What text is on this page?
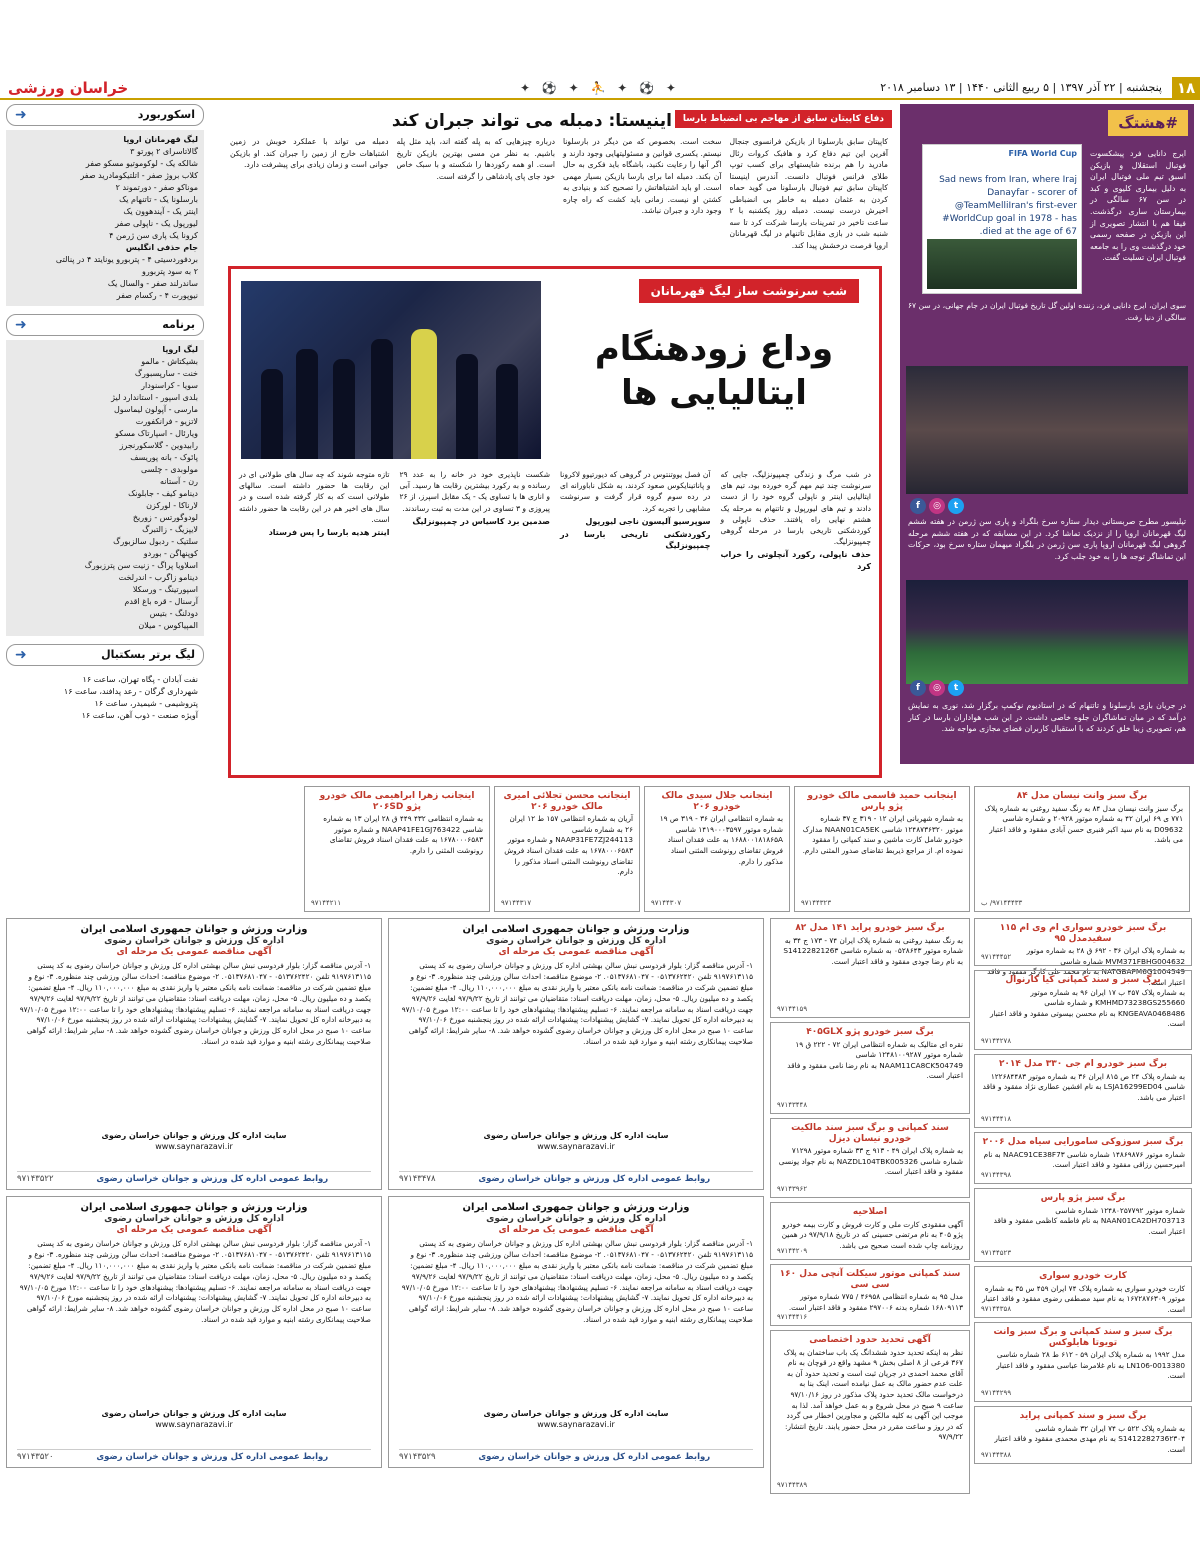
۱۸
پنجشنبه | ۲۲ آذر ۱۳۹۷ | ۵ ربیع الثانی ۱۴۴۰ | ۱۳ دسامبر ۲۰۱۸
✦ ⚽ ✦ ⛹ ✦ ⚽ ✦
خراسان ورزشی
اسکوربورد
➜
لیگ قهرمانان اروپا
گالاتاسرای ۲ پورتو ۳
شالکه یک - لوکوموتیو مسکو صفر
کلاب بروژ صفر - اتلتیکومادرید صفر
موناکو صفر - دورتموند ۲
بارسلونا یک - تاتنهام یک
اینتر یک - آیندهوون یک
لیورپول یک - ناپولی صفر
کرونا یک پاری سن ژرمن ۴
جام حذفی انگلیس
بردفوردسیتی ۴ - پتربورو یونایتد ۴ در پنالتی
۲ به سود پتربورو
ساندرلند صفر - والسال یک
نیوپورت ۴ - رکسام صفر
برنامه
➜
لیگ اروپا
بشیکتاش - مالمو
خنت - سارپسبورگ
سویا - کراسنودار
بلدی اسپور - استاندارد لیژ
مارسی - آپولون لیماسول
لاتزیو - فرانکفورت
ویارئال - اسپارتاک مسکو
رابیدوین - گلاسکورنجرز
پائوک - بانه پوریسف
مولوبدی - چلسی
رن - آستانه
دینامو کیف - جابلونک
لارناکا - لورکزن
لودوگورتس - زوریخ
لایپزیگ - زالتبرگ
سلتیک - ردبول سالزبورگ
کوپنهاگن - بوردو
اسلاویا پراگ - زنیت سن پترزبورگ
دینامو زاگرب - اندرلخت
اسپورتینگ - ورسکلا
آرسنال - قره باغ اقدم
دودلنگ - بتیس
المپیاکوس - میلان
لیگ برتر بسکتبال
➜
نفت آبادان - پگاه تهران، ساعت ۱۶
شهرداری گرگان - رعد پدافند، ساعت ۱۶
پتروشیمی - شیمیدر، ساعت ۱۶
آویژه صنعت - ذوب آهن، ساعت ۱۶
دفاع کاپیتان سابق از مهاجم بی انضباط بارسا
اینیستا: دمبله می تواند جبران کند
کاپیتان سابق بارسلونا از بازیکن فرانسوی جنجال آفرین این تیم دفاع کرد و هافبک کروات رئال مادرید را هم برنده شایستهای برای کسب توپ طلای فرانس فوتبال دانست. آندرس اینیستا کاپیتان سابق تیم فوتبال بارسلونا می گوید حماه کردن به عثمان دمبله به خاطر بی انضباطی اخیرش درست نیست. دمبله روز یکشنبه با ۲ ساعت تاخیر در تمرینات بارسا شرکت کرد تا سه شنبه شب در بازی مقابل تاتنهام در لیگ قهرمانان اروپا فرصت درخشش پیدا کند.
سخت است. بخصوص که من دیگر در بارسلونا نیستم. یکسری قوانین و مسئولیتهایی وجود دارند و اگر آنها را رعایت نکنید، باشگاه باید فکری به حال آن بکند. دمبله اما برای بارسا بازیکن بسیار مهمی است. او باید اشتباهاتش را تصحیح کند و بنیادی به کشتن او نیست. زمانی باید کشت که راه چاره وجود دارد و جبران نباشد.
درباره چیزهایی که به پله گفته اند، باید مثل پله باشیم. به نظر من مسی بهترین بازیکن تاریخ است. او همه رکوردها را شکسته و با سبک خاص خود جای پای پادشاهی را گرفته است.
دمبله می تواند با عملکرد خوبش در زمین اشتباهات خارج از زمین را جبران کند. او بازیکن جوانی است و زمان زیادی برای پیشرفت دارد.
شب سرنوشت ساز لیگ قهرمانان
وداع زودهنگام ایتالیایی ها
در شب مرگ و زندگی چمپیونزلیگ، جایی که سرنوشت چند تیم مهم گره خورده بود، تیم های ایتالیایی اینتر و ناپولی گروه خود را از دست دادند و تیم های لیورپول و تاتنهام به مرحله یک هشتم نهایی راه یافتند. حذف ناپولی و کوردشکنی تاریخی بارسا در مرحله گروهی چمپیونزلیگ.
حذف ناپولی، رکورد آنچلوتی را خراب کرد
آن فصل یووتنتوس در گروهی که دیورتیوو لاکرونا و پاناتینایکوس صعود کردند، به شکل ناباورانه ای در رده سوم گروه قرار گرفت و سرنوشت مشابهی را تجربه کرد.
سوپرسیو آلیسون ناجی لیورپول
رکوردشکنی تاریخی بارسا در چمپیونزلیگ
شکست ناپذیری خود در خانه را به عدد ۲۹ رسانده و به رکورد بیشترین رقابت ها رسید. آبی و اناری ها با تساوی یک - یک مقابل اسپرز، از ۲۶ پیروزی و ۳ تساوی در این مدت به ثبت رساندند.
صدمین برد کاسیاس در چمپیونزلیگ
تازه متوجه شوند که چه سال های طولانی ای در این رقابت ها حضور داشته است. سالهای طولانی است که به کار گرفته شده است و در سال های اخیر هم در این رقابت ها حضور داشته است.
اینتر هدیه بارسا را پس فرستاد
#هشتگ
FIFA World Cup
Sad news from Iran, where Iraj Danayfar - scorer of @TeamMelliIran's first-ever #WorldCup goal in 1978 - has died at the age of 67.
ایرج دانایی فرد پیشکسوت فوتبال استقلال و بازیکن اسبق تیم ملی فوتبال ایران به دلیل بیماری کلیوی و کبد در سن ۶۷ سالگی در بیمارستان ساری درگذشت. فیفا هم با انتشار تصویری از این بازیکن در صفحه رسمی خود درگذشت وی را به جامعه فوتبال ایران تسلیت گفت.
سوی ایران، ایرج دانایی فرد، زننده اولین گل تاریخ فوتبال ایران در جام جهانی، در سن ۶۷ سالگی از دنیا رفت.
t
◎
f
تیلیسور مطرح صربستانی دیدار ستاره سرخ بلگراد و پاری سن ژرمن در هفته ششم لیگ قهرمانان اروپا را از نزدیک تماشا کرد. در این مسابقه که در هفته ششم مرحله گروهی لیگ قهرمانان اروپا پاری سن ژرمن در بلگراد میهمان ستاره سرخ بود، حرکات این تماشاگر توجه ها را به خود جلب کرد.
t
◎
f
در جریان بازی بارسلونا و تاتنهام که در استادیوم نوکمپ برگزار شد، نوری به نمایش درآمد که در میان تماشاگران جلوه خاصی داشت. در این شب هواداران بارسا در کنار هم، تصویری زیبا خلق کردند که با استقبال کاربران فضای مجازی مواجه شد.
برگ سبز وانت نیسان مدل ۸۴
برگ سبز وانت نیسان مدل ۸۴ به رنگ سفید روغنی به شماره پلاک ۷۷۱ ی ۶۹ ایران ۴۲ به شماره موتور ۲۰۹۲۸ و شماره شاسی D09632 به نام سید اکبر قنبری حسن آبادی مفقود و فاقد اعتبار می باشد.
۹۷۱۴۴۴۳۳/ ب
اینجانب حمید قاسمی مالک خودرو پژو پارس
به شماره شهربانی ایران ۱۲ - ۳۱۹ ج ۳۷ شماره موتور ۱۲۴۸۷۳۶۳۲۰ شاسی NAAN01CA5EK مدارک خودرو شامل کارت ماشین و سند کمپانی را مفقود نموده ام. از مراجع ذیربط تقاضای صدور المثنی دارم.
۹۷۱۴۴۳۲۳
اینجانب جلال سیدی مالک خودرو ۲۰۶
به شماره انتظامی ایران ۳۶ - ۳۱۹ ص ۱۹ شماره موتور ۱۴۱۹۰۰۰۳۵۹۷ شاسی ۱۶۸۸۰۰۱۸۱۸۶۵A به علت فقدان اسناد فروش تقاضای رونوشت المثنی اسناد مذکور را دارم.
۹۷۱۴۴۳۰۷
اینجانب محسن تجلائی امیری مالک خودرو ۲۰۶
آریان به شماره انتظامی ۱۵۷ ط ۱۲ ایران ۲۶ به شماره شاسی NAAP31FE7ZJ244113 و شماره موتور ۱۶۷۸۰۰۰۶۵۸۳ به علت فقدان اسناد فروش تقاضای رونوشت المثنی اسناد مذکور را دارم.
۹۷۱۴۴۳۱۷
اینجانب زهرا ابراهیمی مالک خودرو پژو ۲۰۶SD
به شماره انتظامی ۴۳۲ ۴۴۹ ق ۲۸ ایران ۱۳ به شماره شاسی NAAP41FE1GJ763422 و شماره موتور ۱۶۷۸۰۰۰۶۵۸۳ به علت فقدان اسناد فروش تقاضای رونوشت المثنی را دارم.
۹۷۱۴۴۲۱۱
برگ سبز خودرو سواری ام وی ام ۱۱۵ سفیدمدل ۹۵
به شماره پلاک ایران ۳۶ - ۶۹۲ ق ۲۸ به شماره موتور MVM371FBHG004632 شماره شاسی NATGBAPM6G1004549 به نام محمد علی کارگر مفقود و فاقد اعتبار است.
۹۷۱۴۴۴۵۲
برگ سبز و سند کمپانی کیا کارنوال
به شماره پلاک ۴۵۷ ب ۱۷ ایران ۹۶ به شماره موتور KMHMD73238GS255660 و شماره شاسی KNGEAVA0468486 به نام محسن بیسوتی مفقود و فاقد اعتبار است.
۹۷۱۴۴۲۷۸
برگ سبز خودرو ام جی ۳۳۰ مدل ۲۰۱۴
به شماره پلاک ۲۴ ص ۸۱۵ ایران ۳۶ به شماره موتور ۱۲۲۶۸۴۴۸۳ شاسی LSJA16299ED04 به نام افشین عطاری نژاد مفقود و فاقد اعتبار می باشد.
۹۷۱۴۴۴۱۸
برگ سبز سوزوکی سامورایی سیاه مدل ۲۰۰۶
شماره موتور ۱۴۸۶۹۸۷۶ شماره شاسی NAAC91CE38F7۳ به نام امیرحسین رزاقی مفقود و فاقد اعتبار است.
۹۷۱۴۴۳۹۸
برگ سبز پژو پارس
شماره موتور ۱۲۴۸۰۲۵۷۷۹۲ شماره شاسی NAAN01CA2DH703713 به نام فاطمه کاظمی مفقود و فاقد اعتبار است.
۹۷۱۴۴۵۲۳
کارت خودرو سواری
کارت خودرو سواری به شماره پلاک ۷۴ ایران ۴۵۹ س ۳۵ به شماره موتور ۱۶۷۲۸۷۶۳۰۹ به نام سید مصطفی رضوی مفقود و فاقد اعتبار است.
۹۷۱۴۴۳۵۸
برگ سبز و سند کمپانی و برگ سبز وانت تویوتا هایلوکس
مدل ۱۹۹۲ به شماره پلاک ایران ۵۹ - ۶۱۲ ط ۲۸ شماره شاسی LN106-0013380 به نام غلامرضا عباسی مفقود و فاقد اعتبار است.
۹۷۱۴۴۲۹۹
برگ سبز و سند کمپانی پراید
به شماره پلاک ۵۲۲ ب ۷۴ ایران ۳۲ شماره شاسی S1412282736۲۳۰۴ به نام مهدی محمدی مفقود و فاقد اعتبار است.
۹۷۱۴۴۳۸۸
برگ سبز خودرو پراید ۱۴۱ مدل ۸۲
به رنگ سفید روغنی به شماره پلاک ایران ۷۴ - ۱۷۳ ج ۳۴ به شماره موتور ۰۵۲۸۶۴۳ به شماره شاسی S1412282126۳ به نام رضا جودی مفقود و فاقد اعتبار است.
۹۷۱۴۴۱۵۹
برگ سبز خودرو پژو ۴۰۵GLX
نقره ای متالیک به شماره انتظامی ایران ۷۲ - ۲۲۲ ق ۱۹ شماره موتور ۱۲۴۸۱۰۰۹۲۸۷ شاسی NAAM11CA8CK504749 به نام رضا نامی مفقود و فاقد اعتبار است.
۹۷۱۴۳۴۴۸
سند کمپانی و برگ سبز سند مالکیت خودرو نیسان دیزل
به شماره پلاک ایران ۴۹ - ۹۱۳ ج ۳۳ شماره موتور ۷۱۲۹۸ شماره شاسی NAZDL104TBK005326 به نام جواد یونسی مفقود و فاقد اعتبار است.
۹۷۱۴۳۹۶۲
اصلاحیه
آگهی مفقودی کارت ملی و کارت فروش و کارت بیمه خودرو پژو ۴۰۵ به نام مرتضی حسینی که در تاریخ ۹۷/۹/۱۸ در همین روزنامه چاپ شده است صحیح می باشد.
۹۷۱۴۴۲۰۹
سند کمپانی موتور سیکلت آنچی مدل ۱۶۰ سی سی
مدل ۹۵ به شماره انتظامی ۴۶۹۵۸ / ۷۷۵ شماره موتور ۱۶۸۰۹۱۱۳ شماره بدنه ۲۹۷۰۰۶ مفقود و فاقد اعتبار است.
۹۷۱۴۴۴۱۶
آگهی تحدید حدود اختصاصی
نظر به اینکه تحدید حدود ششدانگ یک باب ساختمان به پلاک ۳۶۷ فرعی از ۸ اصلی بخش ۹ مشهد واقع در قوچان به نام آقای محمد احمدی در جریان ثبت است و تحدید حدود آن به علت عدم حضور مالک به عمل نیامده است، اینک بنا به درخواست مالک تحدید حدود پلاک مذکور در روز ۹۷/۱۰/۱۶ ساعت ۹ صبح در محل شروع و به عمل خواهد آمد. لذا به موجب این آگهی به کلیه مالکین و مجاورین اخطار می گردد که در روز و ساعت مقرر در محل حضور یابند. تاریخ انتشار: ۹۷/۹/۲۲
۹۷۱۴۴۳۸۹
وزارت ورزش و جوانان جمهوری اسلامی ایران
اداره کل ورزش و جوانان خراسان رضوی
آگهی مناقصه عمومی یک مرحله ای
۱- آدرس مناقصه گزار: بلوار فردوسی نبش سالن بهشتی اداره کل ورزش و جوانان خراسان رضوی به کد پستی ۹۱۹۷۶۱۳۱۱۵ تلفن ۰۵۱۳۷۶۲۴۲۰ - ۰۵۱۳۷۶۸۱۰۴۷. ۲- موضوع مناقصه: احداث سالن ورزشی چند منظوره. ۳- نوع و مبلغ تضمین شرکت در مناقصه: ضمانت نامه بانکی معتبر یا واریز نقدی به مبلغ ۱۱۰,۰۰۰,۰۰۰ ریال. ۴- مبلغ تضمین: یکصد و ده میلیون ریال. ۵- محل، زمان، مهلت دریافت اسناد: متقاضیان می توانند از تاریخ ۹۷/۹/۲۲ لغایت ۹۷/۹/۲۶ جهت دریافت اسناد به سامانه مراجعه نمایند. ۶- تسلیم پیشنهادها: پیشنهادهای خود را تا ساعت ۱۲:۰۰ مورخ ۹۷/۱۰/۰۵ به دبیرخانه اداره کل تحویل نمایند. ۷- گشایش پیشنهادات: پیشنهادات ارائه شده در روز پنجشنبه مورخ ۹۷/۱۰/۰۶ ساعت ۱۰ صبح در محل اداره کل ورزش و جوانان خراسان رضوی گشوده خواهد شد. ۸- سایر شرایط: ارائه گواهی صلاحیت پیمانکاری رشته ابنیه و موارد قید شده در اسناد.
سایت اداره کل ورزش و جوانان خراسان رضوی
www.saynarazavi.ir
روابط عمومی اداره کل ورزش و جوانان خراسان رضوی
۹۷۱۴۳۴۷۸
وزارت ورزش و جوانان جمهوری اسلامی ایران
اداره کل ورزش و جوانان خراسان رضوی
آگهی مناقصه عمومی یک مرحله ای
۱- آدرس مناقصه گزار: بلوار فردوسی نبش سالن بهشتی اداره کل ورزش و جوانان خراسان رضوی به کد پستی ۹۱۹۷۶۱۳۱۱۵ تلفن ۰۵۱۳۷۶۲۴۲۰ - ۰۵۱۳۷۶۸۱۰۴۷. ۲- موضوع مناقصه: احداث سالن ورزشی چند منظوره. ۳- نوع و مبلغ تضمین شرکت در مناقصه: ضمانت نامه بانکی معتبر یا واریز نقدی به مبلغ ۱۱۰,۰۰۰,۰۰۰ ریال. ۴- مبلغ تضمین: یکصد و ده میلیون ریال. ۵- محل، زمان، مهلت دریافت اسناد: متقاضیان می توانند از تاریخ ۹۷/۹/۲۲ لغایت ۹۷/۹/۲۶ جهت دریافت اسناد به سامانه مراجعه نمایند. ۶- تسلیم پیشنهادها: پیشنهادهای خود را تا ساعت ۱۲:۰۰ مورخ ۹۷/۱۰/۰۵ به دبیرخانه اداره کل تحویل نمایند. ۷- گشایش پیشنهادات: پیشنهادات ارائه شده در روز پنجشنبه مورخ ۹۷/۱۰/۰۶ ساعت ۱۰ صبح در محل اداره کل ورزش و جوانان خراسان رضوی گشوده خواهد شد. ۸- سایر شرایط: ارائه گواهی صلاحیت پیمانکاری رشته ابنیه و موارد قید شده در اسناد.
سایت اداره کل ورزش و جوانان خراسان رضوی
www.saynarazavi.ir
روابط عمومی اداره کل ورزش و جوانان خراسان رضوی
۹۷۱۴۳۵۲۲
وزارت ورزش و جوانان جمهوری اسلامی ایران
اداره کل ورزش و جوانان خراسان رضوی
آگهی مناقصه عمومی یک مرحله ای
۱- آدرس مناقصه گزار: بلوار فردوسی نبش سالن بهشتی اداره کل ورزش و جوانان خراسان رضوی به کد پستی ۹۱۹۷۶۱۳۱۱۵ تلفن ۰۵۱۳۷۶۲۴۲۰ - ۰۵۱۳۷۶۸۱۰۴۷. ۲- موضوع مناقصه: احداث سالن ورزشی چند منظوره. ۳- نوع و مبلغ تضمین شرکت در مناقصه: ضمانت نامه بانکی معتبر یا واریز نقدی به مبلغ ۱۱۰,۰۰۰,۰۰۰ ریال. ۴- مبلغ تضمین: یکصد و ده میلیون ریال. ۵- محل، زمان، مهلت دریافت اسناد: متقاضیان می توانند از تاریخ ۹۷/۹/۲۲ لغایت ۹۷/۹/۲۶ جهت دریافت اسناد به سامانه مراجعه نمایند. ۶- تسلیم پیشنهادها: پیشنهادهای خود را تا ساعت ۱۲:۰۰ مورخ ۹۷/۱۰/۰۵ به دبیرخانه اداره کل تحویل نمایند. ۷- گشایش پیشنهادات: پیشنهادات ارائه شده در روز پنجشنبه مورخ ۹۷/۱۰/۰۶ ساعت ۱۰ صبح در محل اداره کل ورزش و جوانان خراسان رضوی گشوده خواهد شد. ۸- سایر شرایط: ارائه گواهی صلاحیت پیمانکاری رشته ابنیه و موارد قید شده در اسناد.
سایت اداره کل ورزش و جوانان خراسان رضوی
www.saynarazavi.ir
روابط عمومی اداره کل ورزش و جوانان خراسان رضوی
۹۷۱۴۳۵۲۹
وزارت ورزش و جوانان جمهوری اسلامی ایران
اداره کل ورزش و جوانان خراسان رضوی
آگهی مناقصه عمومی یک مرحله ای
۱- آدرس مناقصه گزار: بلوار فردوسی نبش سالن بهشتی اداره کل ورزش و جوانان خراسان رضوی به کد پستی ۹۱۹۷۶۱۳۱۱۵ تلفن ۰۵۱۳۷۶۲۴۲۰ - ۰۵۱۳۷۶۸۱۰۴۷. ۲- موضوع مناقصه: احداث سالن ورزشی چند منظوره. ۳- نوع و مبلغ تضمین شرکت در مناقصه: ضمانت نامه بانکی معتبر یا واریز نقدی به مبلغ ۱۱۰,۰۰۰,۰۰۰ ریال. ۴- مبلغ تضمین: یکصد و ده میلیون ریال. ۵- محل، زمان، مهلت دریافت اسناد: متقاضیان می توانند از تاریخ ۹۷/۹/۲۲ لغایت ۹۷/۹/۲۶ جهت دریافت اسناد به سامانه مراجعه نمایند. ۶- تسلیم پیشنهادها: پیشنهادهای خود را تا ساعت ۱۲:۰۰ مورخ ۹۷/۱۰/۰۵ به دبیرخانه اداره کل تحویل نمایند. ۷- گشایش پیشنهادات: پیشنهادات ارائه شده در روز پنجشنبه مورخ ۹۷/۱۰/۰۶ ساعت ۱۰ صبح در محل اداره کل ورزش و جوانان خراسان رضوی گشوده خواهد شد. ۸- سایر شرایط: ارائه گواهی صلاحیت پیمانکاری رشته ابنیه و موارد قید شده در اسناد.
سایت اداره کل ورزش و جوانان خراسان رضوی
www.saynarazavi.ir
روابط عمومی اداره کل ورزش و جوانان خراسان رضوی
۹۷۱۴۳۵۲۰
